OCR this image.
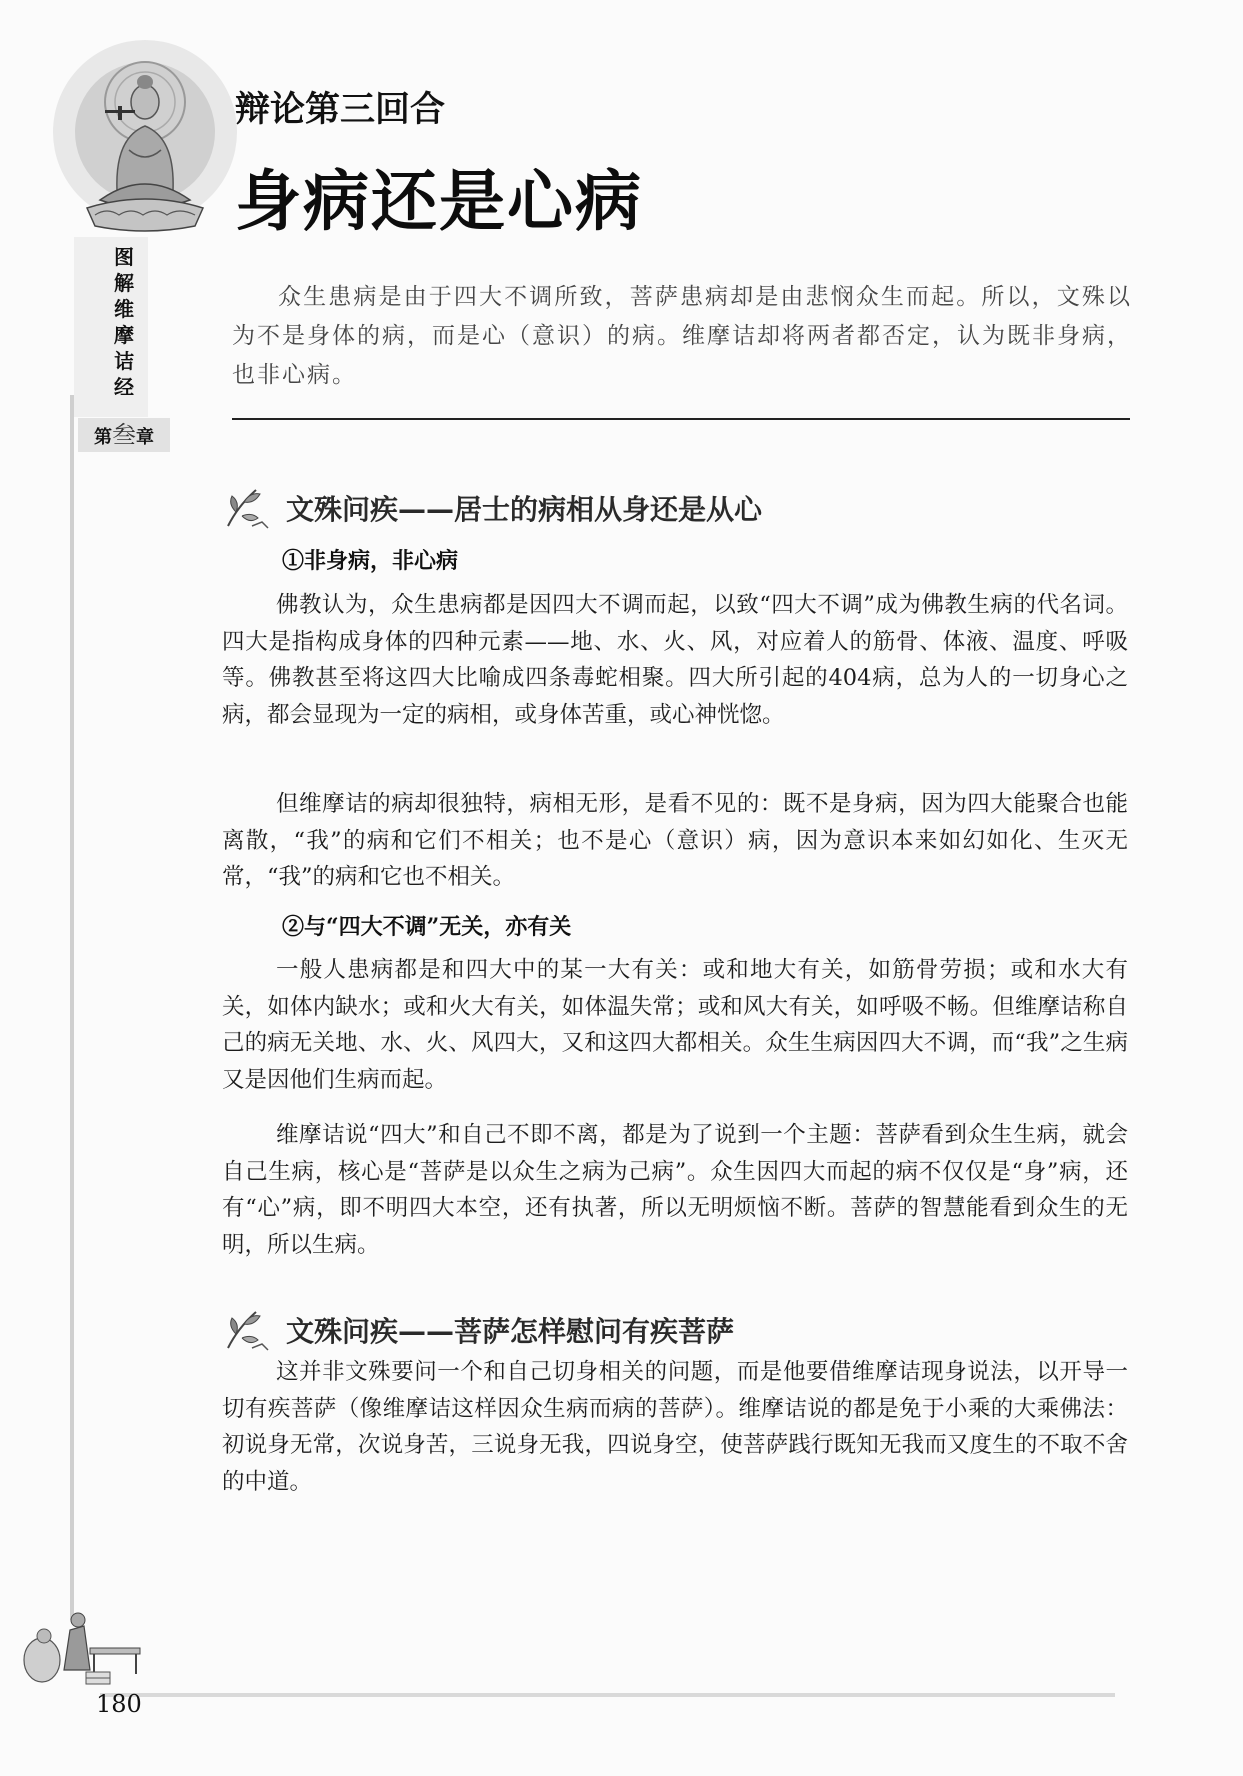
图解维摩诘经
第叁章
辩论第三回合
身病还是心病
众生患病是由于四大不调所致，菩萨患病却是由悲悯众生而起。所以，文殊以为不是身体的病，而是心（意识）的病。维摩诘却将两者都否定，认为既非身病，也非心病。
文殊问疾——居士的病相从身还是从心
①非身病，非心病
佛教认为，众生患病都是因四大不调而起，以致“四大不调”成为佛教生病的代名词。四大是指构成身体的四种元素——地、水、火、风，对应着人的筋骨、体液、温度、呼吸等。佛教甚至将这四大比喻成四条毒蛇相聚。四大所引起的404病，总为人的一切身心之病，都会显现为一定的病相，或身体苦重，或心神恍惚。
但维摩诘的病却很独特，病相无形，是看不见的：既不是身病，因为四大能聚合也能离散，“我”的病和它们不相关；也不是心（意识）病，因为意识本来如幻如化、生灭无常，“我”的病和它也不相关。
②与“四大不调”无关，亦有关
一般人患病都是和四大中的某一大有关：或和地大有关，如筋骨劳损；或和水大有关，如体内缺水；或和火大有关，如体温失常；或和风大有关，如呼吸不畅。但维摩诘称自己的病无关地、水、火、风四大，又和这四大都相关。众生生病因四大不调，而“我”之生病又是因他们生病而起。
维摩诘说“四大”和自己不即不离，都是为了说到一个主题：菩萨看到众生生病，就会自己生病，核心是“菩萨是以众生之病为己病”。众生因四大而起的病不仅仅是“身”病，还有“心”病，即不明四大本空，还有执著，所以无明烦恼不断。菩萨的智慧能看到众生的无明，所以生病。
文殊问疾——菩萨怎样慰问有疾菩萨
这并非文殊要问一个和自己切身相关的问题，而是他要借维摩诘现身说法，以开导一切有疾菩萨（像维摩诘这样因众生病而病的菩萨）。维摩诘说的都是免于小乘的大乘佛法：初说身无常，次说身苦，三说身无我，四说身空，使菩萨践行既知无我而又度生的不取不舍的中道。
180
